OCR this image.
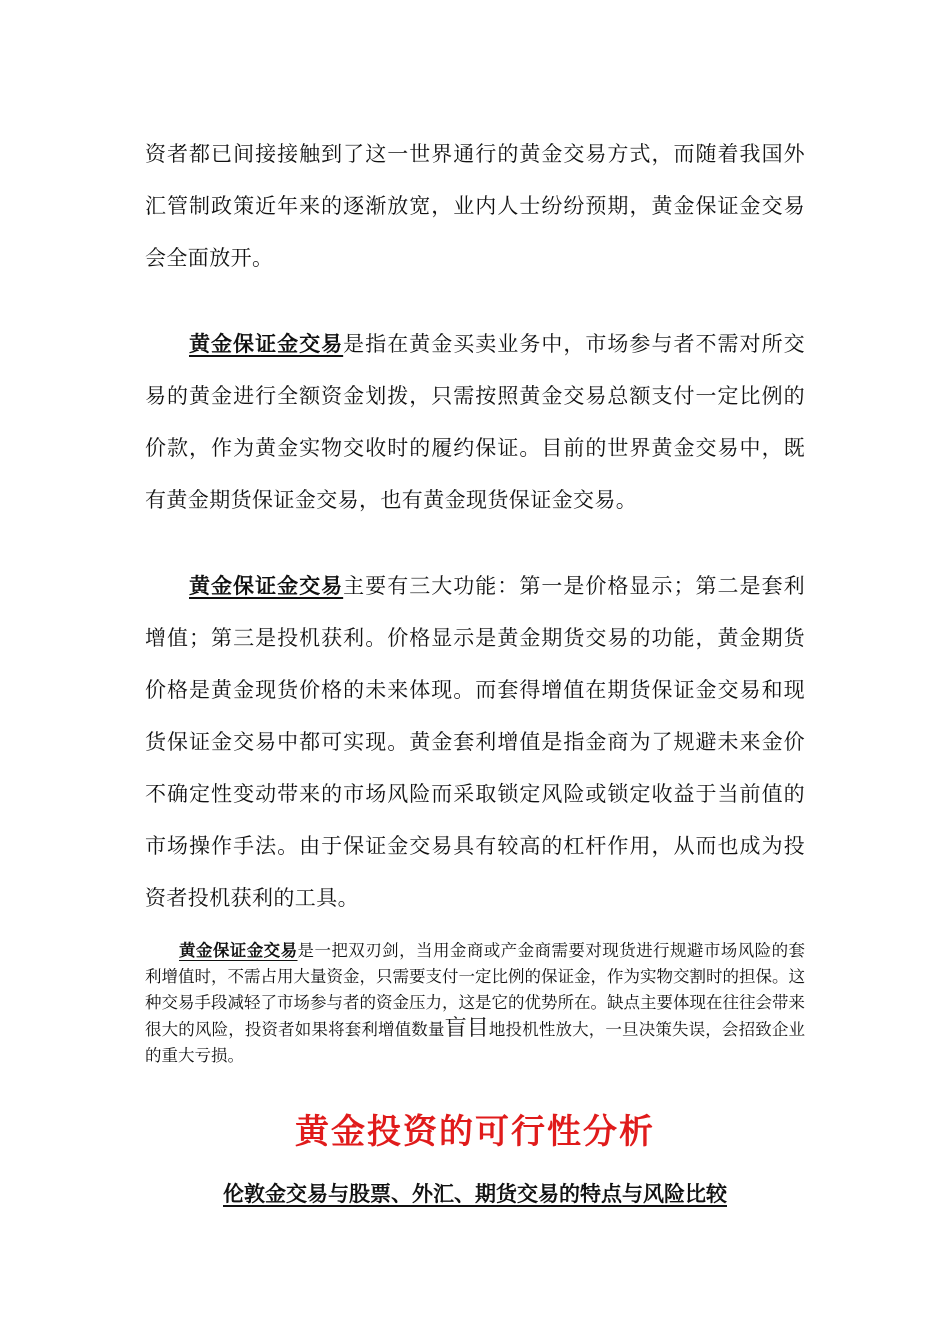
资者都已间接接触到了这一世界通行的黄金交易方式，而随着我国外汇管制政策近年来的逐渐放宽，业内人士纷纷预期，黄金保证金交易会全面放开。

黄金保证金交易是指在黄金买卖业务中，市场参与者不需对所交易的黄金进行全额资金划拨，只需按照黄金交易总额支付一定比例的价款，作为黄金实物交收时的履约保证。目前的世界黄金交易中，既有黄金期货保证金交易，也有黄金现货保证金交易。

黄金保证金交易主要有三大功能：第一是价格显示；第二是套利增值；第三是投机获利。价格显示是黄金期货交易的功能，黄金期货价格是黄金现货价格的未来体现。而套得增值在期货保证金交易和现货保证金交易中都可实现。黄金套利增值是指金商为了规避未来金价不确定性变动带来的市场风险而采取锁定风险或锁定收益于当前值的市场操作手法。由于保证金交易具有较高的杠杆作用，从而也成为投资者投机获利的工具。

黄金保证金交易是一把双刃剑，当用金商或产金商需要对现货进行规避市场风险的套利增值时，不需占用大量资金，只需要支付一定比例的保证金，作为实物交割时的担保。这种交易手段减轻了市场参与者的资金压力，这是它的优势所在。缺点主要体现在往往会带来很大的风险，投资者如果将套利增值数量盲目地投机性放大，一旦决策失误，会招致企业的重大亏损。

黄金投资的可行性分析
伦敦金交易与股票、外汇、期货交易的特点与风险比较
